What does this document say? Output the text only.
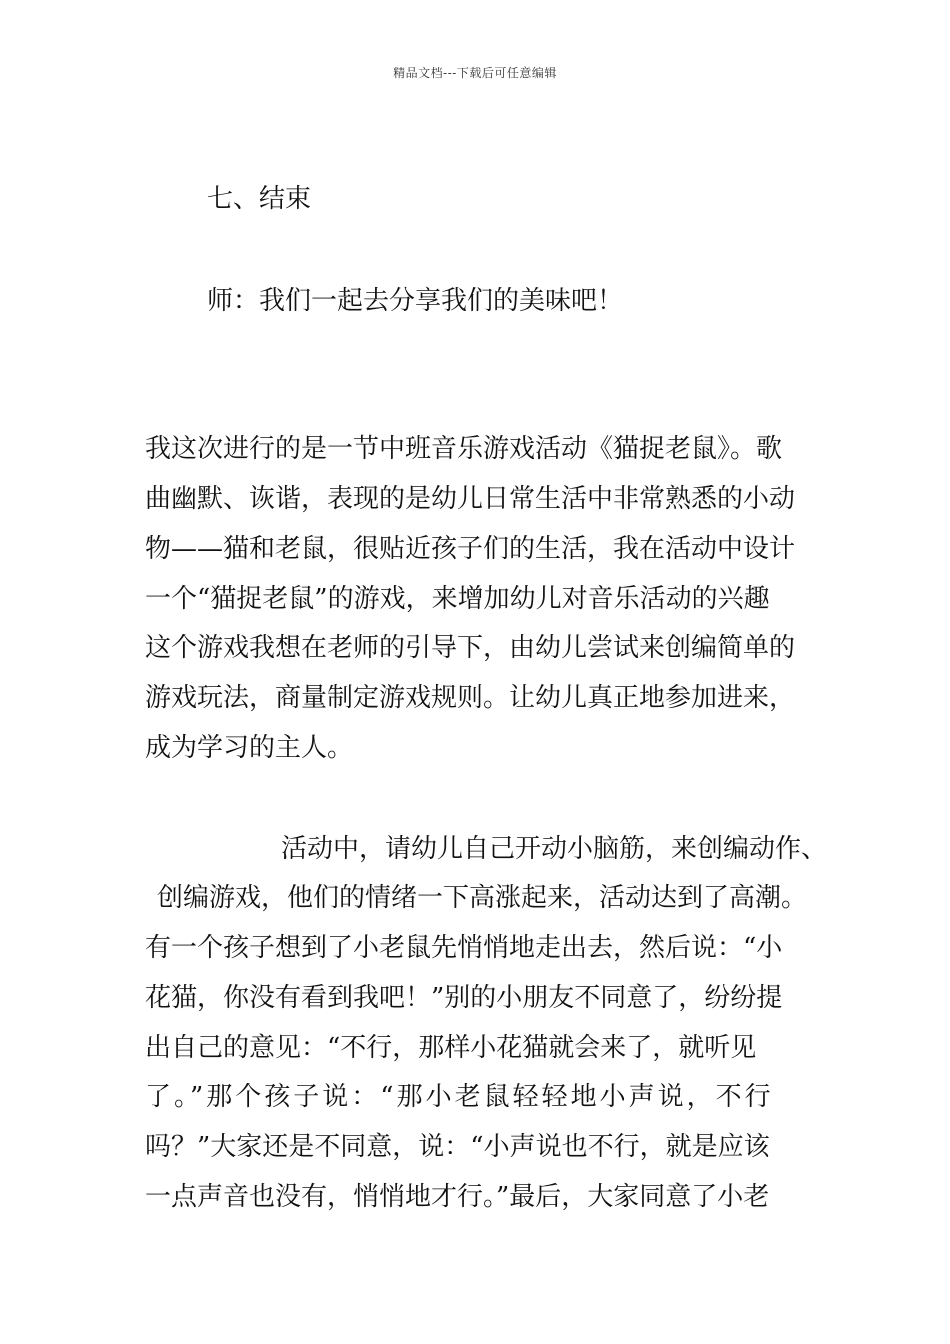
精品文档---下载后可任意编辑
七、结束
师：我们一起去分享我们的美味吧！
我这次进行的是一节中班音乐游戏活动《猫捉老鼠》。歌
曲幽默、诙谐，表现的是幼儿日常生活中非常熟悉的小动
物——猫和老鼠，很贴近孩子们的生活，我在活动中设计
一个“猫捉老鼠”的游戏，来增加幼儿对音乐活动的兴趣
这个游戏我想在老师的引导下，由幼儿尝试来创编简单的
游戏玩法，商量制定游戏规则。让幼儿真正地参加进来，
成为学习的主人。
活动中，请幼儿自己开动小脑筋，来创编动作、
创编游戏，他们的情绪一下高涨起来，活动达到了高潮。
有一个孩子想到了小老鼠先悄悄地走出去，然后说：“小
花猫，你没有看到我吧！”别的小朋友不同意了，纷纷提
出自己的意见：“不行，那样小花猫就会来了，就听见
了。”那个孩子说：“那小老鼠轻轻地小声说，不行
吗？”大家还是不同意，说：“小声说也不行，就是应该
一点声音也没有，悄悄地才行。”最后，大家同意了小老
